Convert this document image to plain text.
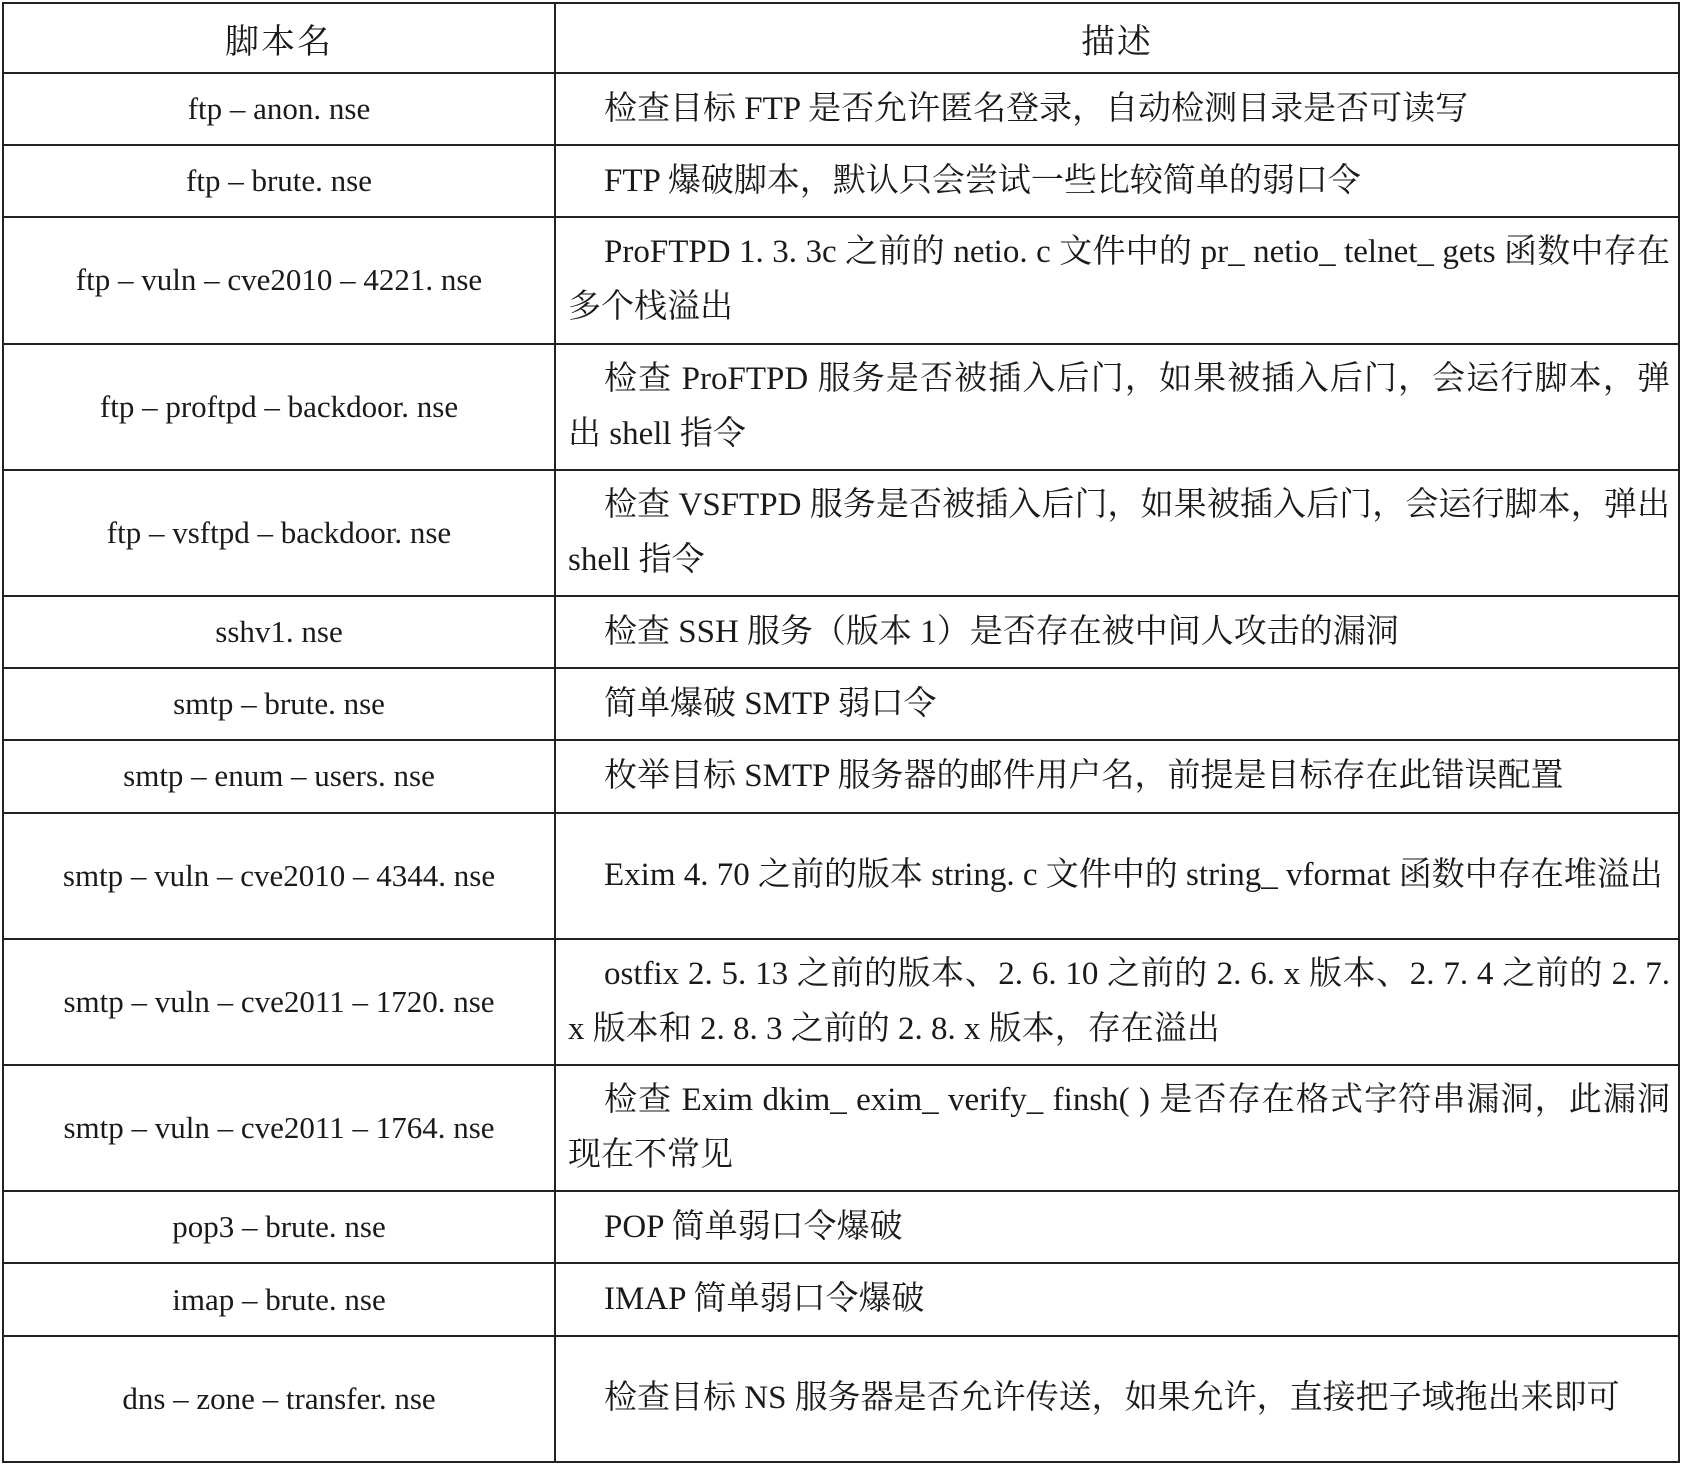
脚本名	描述
ftp – anon. nse	检查目标 FTP 是否允许匿名登录，自动检测目录是否可读写

ftp – brute. nse	FTP 爆破脚本，默认只会尝试一些比较简单的弱口令

ftp – vuln – cve2010 – 4221. nse	ProFTPD 1. 3. 3c 之前的 netio. c 文件中的 pr_ netio_ telnet_ gets 函数中存在多个栈溢出

ftp – proftpd – backdoor. nse	检查 ProFTPD 服务是否被插入后门，如果被插入后门，会运行脚本，弹出 shell 指令

ftp – vsftpd – backdoor. nse	检查 VSFTPD 服务是否被插入后门，如果被插入后门，会运行脚本，弹出 shell 指令

sshv1. nse	检查 SSH 服务（版本 1）是否存在被中间人攻击的漏洞

smtp – brute. nse	简单爆破 SMTP 弱口令

smtp – enum – users. nse	枚举目标 SMTP 服务器的邮件用户名，前提是目标存在此错误配置

smtp – vuln – cve2010 – 4344. nse	Exim 4. 70 之前的版本 string. c 文件中的 string_ vformat 函数中存在堆溢出

smtp – vuln – cve2011 – 1720. nse	ostfix 2. 5. 13 之前的版本、2. 6. 10 之前的 2. 6. x 版本、2. 7. 4 之前的 2. 7. x 版本和 2. 8. 3 之前的 2. 8. x 版本，存在溢出

smtp – vuln – cve2011 – 1764. nse	检查 Exim dkim_ exim_ verify_ finsh( ) 是否存在格式字符串漏洞，此漏洞现在不常见

pop3 – brute. nse	POP 简单弱口令爆破

imap – brute. nse	IMAP 简单弱口令爆破

dns – zone – transfer. nse	检查目标 NS 服务器是否允许传送，如果允许，直接把子域拖出来即可
